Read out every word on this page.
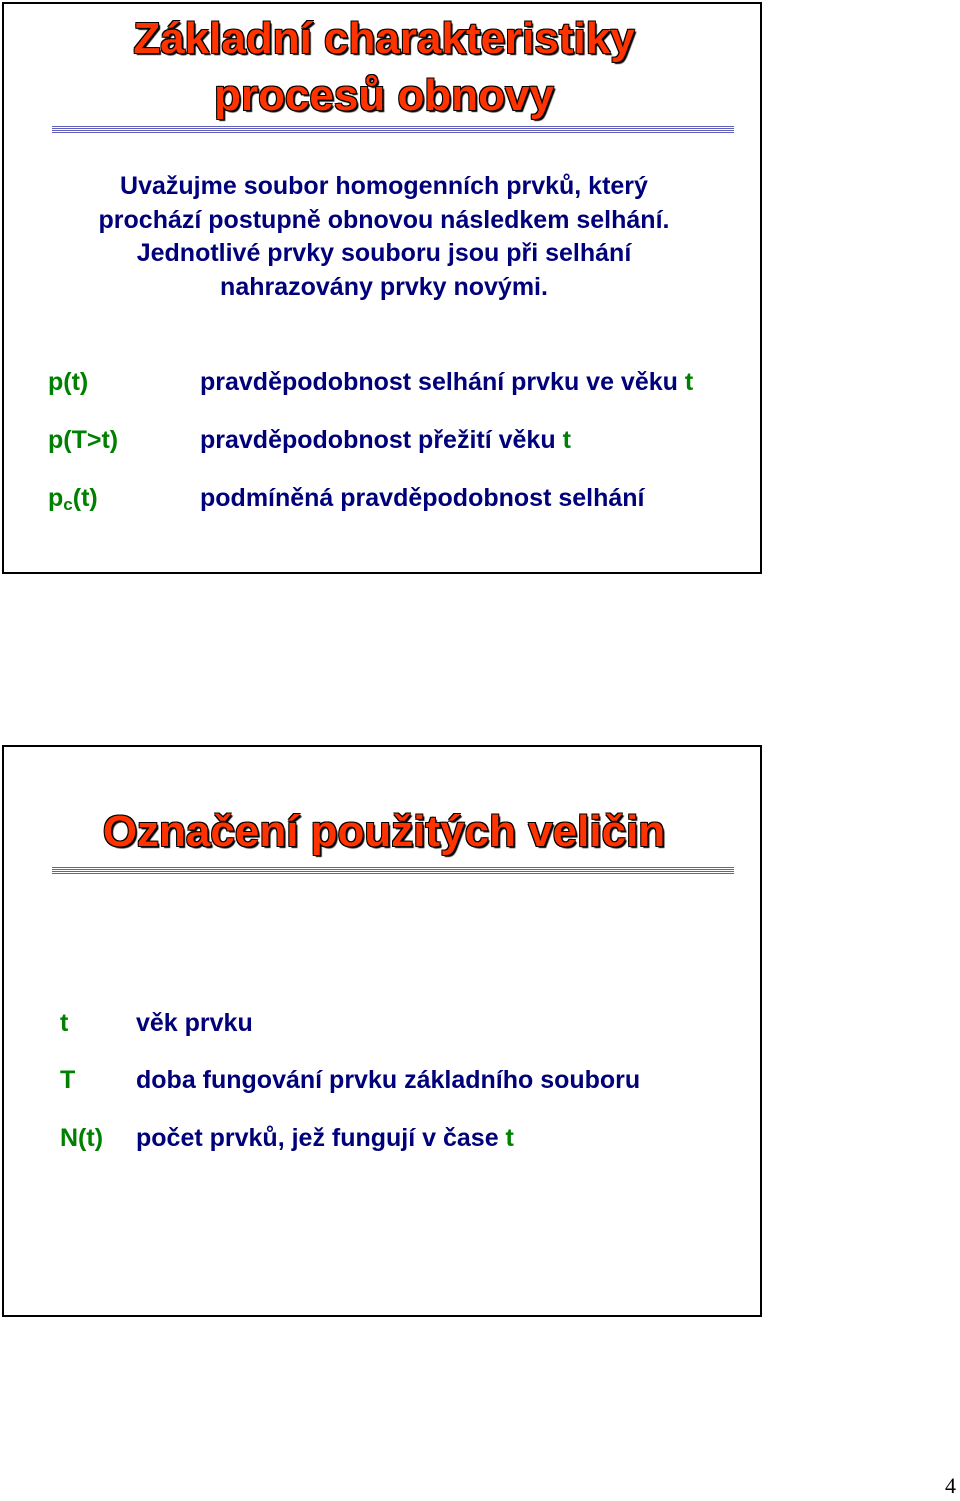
Základní charakteristiky
procesů obnovy
Uvažujme soubor homogenních prvků, který
prochází postupně obnovou následkem selhání.
Jednotlivé prvky souboru jsou při selhání
nahrazovány prvky novými.
p(t)	pravděpodobnost selhání prvku ve věku t
p(T>t)	pravděpodobnost přežití věku t
$p_c(t)$	podmíněná pravděpodobnost selhání
Označení použitých veličin
t	věk prvku
T doba fungování prvku základního souboru
N(t) počet prvků, jež fungují v čase t
4
